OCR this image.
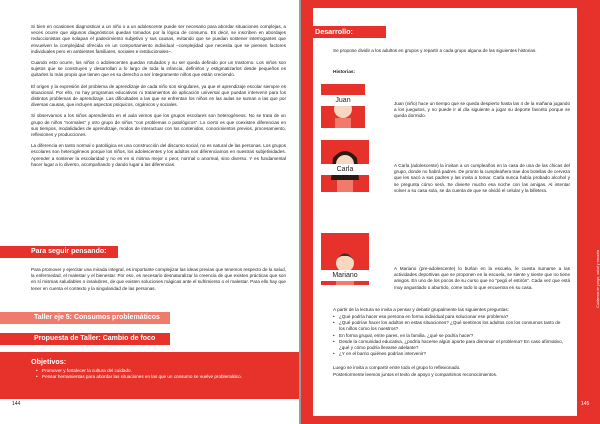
Si bien en ocasiones diagnosticar a un niño o a un adolescente puede ser necesario para abordar situaciones complejas, a veces ocurre que algunos diagnósticos quedan tomados por la lógica de consumo. Es decir, se inscriben en abordajes reduccionistas que solapan el padecimiento subjetivo y sus causas, evitando que se puedan sostener interrogantes que envuelven la complejidad ofrecida en un comportamiento individual –complejidad que necesita que se piensen factores individuales pero en ambientes familiares, sociales e institucionales–.

Cuando esto ocurre, los niños o adolescentes quedan rotulados y su ser queda definido por un trastorno. Los niños son sujetos que se construyen y desarrollan a lo largo de toda la infancia, definirlos y estigmatizarlos desde pequeños es quitarles lo más propio que tienen que es su derecho a ser íntegramente niños que están creciendo.

El origen y la expresión del problema de aprendizaje de cada niño son singulares, ya que el aprendizaje escolar siempre es situacional. Por ello, no hay programas educativos ni tratamientos de aplicación universal que puedan intervenir para los distintos problemas de aprendizaje. Las dificultades a las que se enfrentan los niños en las aulas se suman a las que por diversas causas, que incluyen aspectos psíquicos, orgánicos y sociales.

Si observamos a los niños aprendiendo en el aula vemos que los grupos escolares son heterogéneos. No se trata de un grupo de niños "normales" y otro grupo de niños "con problemas o patológicos". Lo cierto es que coexisten diferencias en sus tiempos, modalidades de aprendizaje, modos de interactuar con los contenidos, conocimientos previos, procesamiento, reflexiones y producciones.

La diferencia en tanto normal o patológica es una construcción del discurso social, no es natural de las personas. Los grupos escolares son heterogéneos porque los niños, los adolescentes y los adultos nos diferenciamos en nuestras subjetividades. Aprender a sostener la escolaridad y no es en si misma mejor o peor, normal o anormal, sino diverso. Y es fundamental hacer lugar a lo diverso, acompañando y dando lugar a las diferencias.

Para seguir pensando:

Para promover y ejercitar una mirada integral, es importante complejizar las ideas previas que tenemos respecto de la salud, la enfermedad, el malestar y el bienestar. Por eso, es necesario desnaturalizar la creencia de que existen prácticas que son en sí mismas saludables o insalubres, de que existen soluciones mágicas ante el sufrimiento o el malestar. Para ello hay que tener en cuenta el contexto y la singularidad de las personas.

Taller eje 5: Consumos problemáticos
Propuesta de Taller: Cambio de foco
Objetivos:
• Promover y fortalecer la cultura del cuidado.
• Pensar herramientas para abordar las situaciones en las que un consumo se vuelve problemático.
144
Desarrollo:
Se propone dividir a los adultos en grupos y repartir a cada grupo alguna de las siguientes historias.
Historias:
Juan	Juan (niño) hace un tiempo que se queda despierto hasta las 4 de la mañana jugando a los jueguitos, y no puede ir al día siguiente a jugar su deporte favorito porque se queda dormido.
Carla
A Carla (adolescente) la invitan a un cumpleaños en la casa de una de las chicas del grupo, donde no habrá padres. De pronto la cumpleañera trae dos botellas de cerveza que les sacó a sus padres y las invita a tomar. Carla nunca había probado alcohol y se pregunta cómo será. Se divierte mucho esa noche con las amigas. Al intentar volver a su casa sola, se da cuenta de que se olvidó el celular y la billetera.
Mariano
A Mariano (pre-adolescente) lo burlan en la escuela, le cuesta sumarse a las actividades deportivas que se proponen en la escuela, se siente y siente que no tiene amigos. En uno de los pocos de su curso que no "pegó el estirón". Cada vez que está muy angustiado o aburrido, come todo lo que encuentra en su casa.
A partir de la lectura se invita a pensar y debatir grupalmente las siguientes preguntas:
• ¿Qué podría hacer esa persona en forma individual para solucionar ese problema?
• ¿Qué podrían hacer los adultos en estas situaciones? ¿Qué sentimos los adultos con los consumos tanto de los niños como los nuestros?
• En forma grupal, entre pares, en la familia, ¿qué se podría hacer?
• Desde la comunidad educativa, ¿podría hacerse algún aporte para disminuir el problema? En caso afirmativo, ¿qué y cómo podría llevarse adelante?
• ¿Y en el barrio quiénes podrían intervenir?
Luego se invita a compartir entre todo el grupo lo reflexionado.
Posteriormente leemos juntos el texto de apoyo y compartimos reconocimientos.
Cuidamos en juego, salud y escuela
145
